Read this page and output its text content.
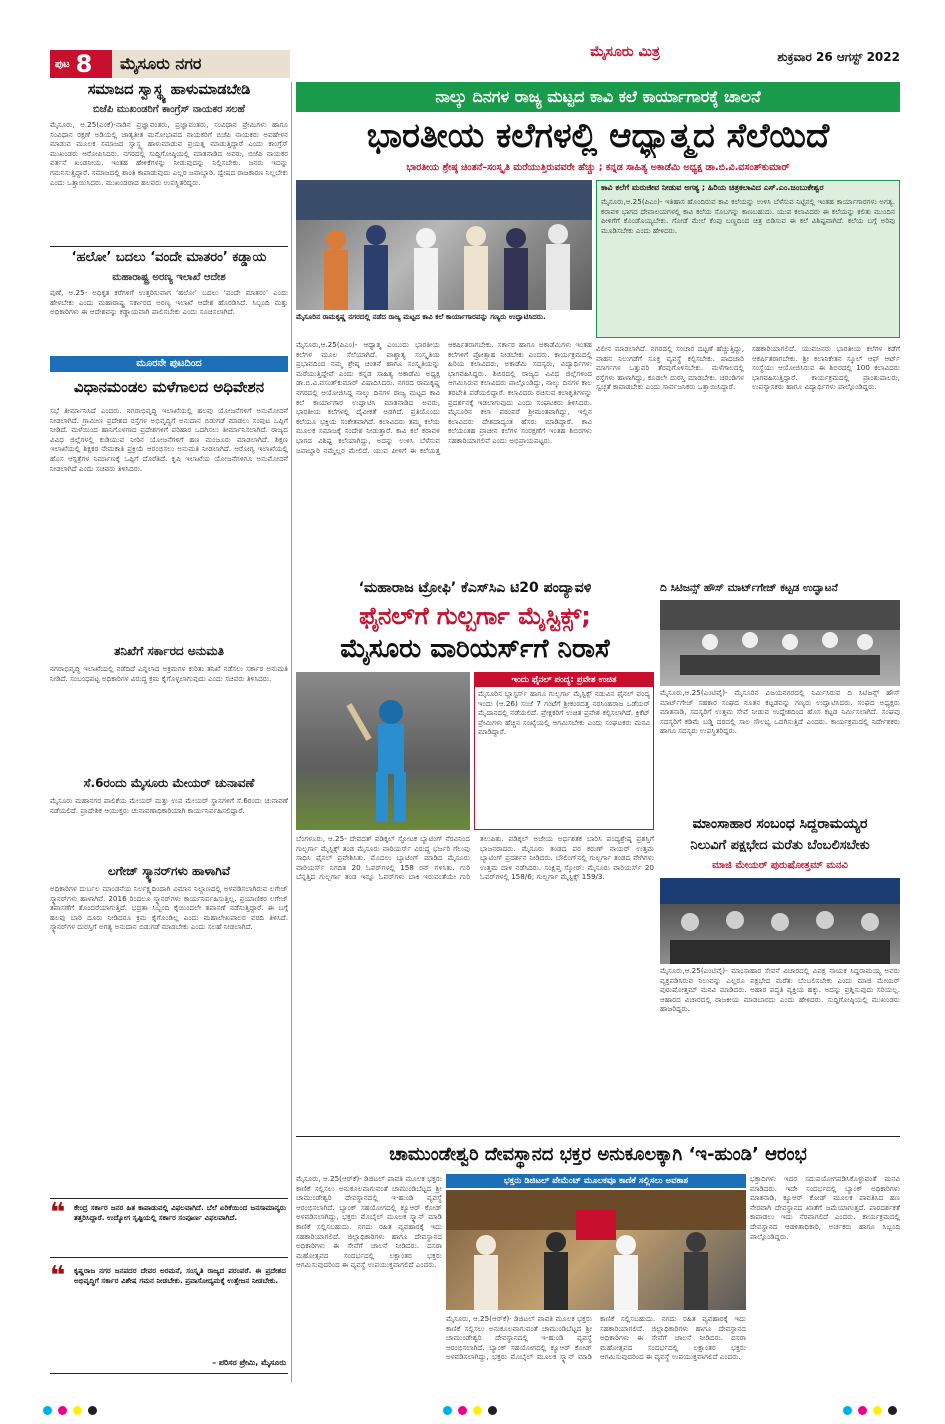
ಪುಟ 8 ಮೈಸೂರು ನಗರ
ಮೈಸೂರು ಮಿತ್ರ	ಶುಕ್ರವಾರ 26 ಆಗಸ್ಟ್ 2022
ಸಮಾಜದ ಸ್ವಾಸ್ಥ್ಯ ಹಾಳುಮಾಡಬೇಡಿ
ಬಿಜೆಪಿ ಮುಖಂಡರಿಗೆ ಕಾಂಗ್ರೆಸ್ ನಾಯಕರ ಸಲಹೆ
ಮೈಸೂರು, ಆ.25(ಎಂಕೆ)-ನಾಡಿನ ಪ್ರಜ್ಞಾವಂತರು, ಪ್ರಜ್ಞಾವಂತರು, ಸಂವಿಧಾನ ಪ್ರೇಮಿಗಳು ಹಾಗೂ ಸಂವಿಧಾನ ರಕ್ಷಣೆ ಅಡಿಯಲ್ಲಿ ಜಾತ್ಯತೀತ ಮನೋಭಾವದ ನಾಯಕರಿಗೆ ಬಿಜೆಪಿ ನಾಯಕರು ಅವಹೇಳನ ಮಾಡುವ ಮೂಲಕ ಸಮಾಜದ ಸ್ವಾಸ್ಥ್ಯ ಹಾಳುಮಾಡುವ ಪ್ರಯತ್ನ ಮಾಡುತ್ತಿದ್ದಾರೆ ಎಂದು ಕಾಂಗ್ರೆಸ್ ಮುಖಂಡರು ಆರೋಪಿಸಿದರು. ನಗರದಲ್ಲಿ ಸುದ್ದಿಗೋಷ್ಠಿಯಲ್ಲಿ ಮಾತನಾಡಿದ ಅವರು, ಬಿಜೆಪಿ ನಾಯಕರ ವರ್ತನೆ ಖಂಡನೀಯ. ಇಂತಹ ಹೇಳಿಕೆಗಳನ್ನು ನೀಡುವುದನ್ನು ನಿಲ್ಲಿಸಬೇಕು. ಜನರು ಇದನ್ನು ಗಮನಿಸುತ್ತಿದ್ದಾರೆ. ಸಮಾಜದಲ್ಲಿ ಶಾಂತಿ ಕಾಪಾಡುವುದು ಎಲ್ಲರ ಜವಾಬ್ದಾರಿ. ದ್ವೇಷದ ರಾಜಕಾರಣ ನಿಲ್ಲಬೇಕು ಎಂದು ಒತ್ತಾಯಿಸಿದರು. ಮುಖಂಡರಾದ ಹಲವರು ಉಪಸ್ಥಿತರಿದ್ದರು.
‘ಹಲೋ’ ಬದಲು ‘ವಂದೇ ಮಾತರಂ’ ಕಡ್ಡಾಯ
ಮಹಾರಾಷ್ಟ್ರ ಅರಣ್ಯ ಇಲಾಖೆ ಆದೇಶ
ಪುಣೆ, ಆ.25- ಅಧಿಕೃತ ಕರೆಗಳಿಗೆ ಉತ್ತರಿಸುವಾಗ ‘ಹಲೋ’ ಬದಲು ‘ವಂದೇ ಮಾತರಂ’ ಎಂದು ಹೇಳಬೇಕು ಎಂದು ಮಹಾರಾಷ್ಟ್ರ ಸರ್ಕಾರದ ಅರಣ್ಯ ಇಲಾಖೆ ಆದೇಶ ಹೊರಡಿಸಿದೆ. ಸಿಬ್ಬಂದಿ ಮತ್ತು ಅಧಿಕಾರಿಗಳು ಈ ಆದೇಶವನ್ನು ಕಡ್ಡಾಯವಾಗಿ ಪಾಲಿಸಬೇಕು ಎಂದು ಸೂಚಿಸಲಾಗಿದೆ.
ಮೂರನೇ ಪುಟದಿಂದ
ವಿಧಾನಮಂಡಲ ಮಳೆಗಾಲದ ಅಧಿವೇಶನ
ಸಭೆ ತೀರ್ಮಾನಿಸಿದೆ ಎಂದರು. ನಗರಾಭಿವೃದ್ಧಿ ಇಲಾಖೆಯಲ್ಲಿ ಹಲವು ಯೋಜನೆಗಳಿಗೆ ಅನುಮೋದನೆ ನೀಡಲಾಗಿದೆ. ಗ್ರಾಮೀಣ ಪ್ರದೇಶದ ರಸ್ತೆಗಳ ಅಭಿವೃದ್ಧಿಗೆ ಅನುದಾನ ಬಿಡುಗಡೆ ಮಾಡಲು ಸಂಪುಟ ಒಪ್ಪಿಗೆ ನೀಡಿದೆ. ಮಳೆಯಿಂದ ಹಾನಿಗೊಳಗಾದ ಪ್ರದೇಶಗಳಿಗೆ ಪರಿಹಾರ ಒದಗಿಸಲು ತೀರ್ಮಾನಿಸಲಾಗಿದೆ. ರಾಜ್ಯದ ವಿವಿಧ ಜಿಲ್ಲೆಗಳಲ್ಲಿ ಕುಡಿಯುವ ನೀರಿನ ಯೋಜನೆಗಳಿಗೆ ಹಣ ಮಂಜೂರು ಮಾಡಲಾಗಿದೆ. ಶಿಕ್ಷಣ ಇಲಾಖೆಯಲ್ಲಿ ಶಿಕ್ಷಕರ ನೇಮಕಾತಿ ಪ್ರಕ್ರಿಯೆ ಆರಂಭಿಸಲು ಅನುಮತಿ ನೀಡಲಾಗಿದೆ. ಆರೋಗ್ಯ ಇಲಾಖೆಯಲ್ಲಿ ಹೊಸ ಆಸ್ಪತ್ರೆಗಳ ನಿರ್ಮಾಣಕ್ಕೆ ಒಪ್ಪಿಗೆ ದೊರೆತಿದೆ. ಕೃಷಿ ಇಲಾಖೆಯ ಯೋಜನೆಗಳಿಗೂ ಅನುಮೋದನೆ ನೀಡಲಾಗಿದೆ ಎಂದು ಸಚಿವರು ತಿಳಿಸಿದರು.
ತನಿಖೆಗೆ ಸರ್ಕಾರದ ಅನುಮತಿ
ನಗರಾಭಿವೃದ್ಧಿ ಇಲಾಖೆಯಲ್ಲಿ ನಡೆದಿದೆ ಎನ್ನಲಾದ ಅಕ್ರಮಗಳ ಕುರಿತು ತನಿಖೆ ನಡೆಸಲು ಸರ್ಕಾರ ಅನುಮತಿ ನೀಡಿದೆ. ಸಂಬಂಧಪಟ್ಟ ಅಧಿಕಾರಿಗಳ ವಿರುದ್ಧ ಕ್ರಮ ಕೈಗೊಳ್ಳಲಾಗುವುದು ಎಂದು ಸಚಿವರು ತಿಳಿಸಿದರು.
ಸೆ.6ರಂದು ಮೈಸೂರು ಮೇಯರ್ ಚುನಾವಣೆ
ಮೈಸೂರು ಮಹಾನಗರ ಪಾಲಿಕೆಯ ಮೇಯರ್ ಮತ್ತು ಉಪ ಮೇಯರ್ ಸ್ಥಾನಗಳಿಗೆ ಸೆ.6ರಂದು ಚುನಾವಣೆ ನಡೆಯಲಿದೆ. ಪ್ರಾದೇಶಿಕ ಆಯುಕ್ತರು ಚುನಾವಣಾಧಿಕಾರಿಯಾಗಿ ಕಾರ್ಯನಿರ್ವಹಿಸಲಿದ್ದಾರೆ.
ಲಗೇಜ್ ಸ್ಕ್ಯಾನರ್‌ಗಳು ಹಾಳಾಗಿವೆ
ಅಧಿಕಾರಿಗಳ ದುರ್ಬಲ ಮಾಂಡನೆಯ ನಿರ್ಲಕ್ಷ್ಯದಿಂದಾಗಿ ವಿಮಾನ ನಿಲ್ದಾಣದಲ್ಲಿ ಅಳವಡಿಸಲಾಗಿರುವ ಲಗೇಜ್ ಸ್ಕ್ಯಾನರ್‌ಗಳು ಹಾಳಾಗಿವೆ. 2016 ರಿಂದಲೂ ಸ್ಕ್ಯಾನರ್‌ಗಳು ಕಾರ್ಯನಿರ್ವಹಿಸುತ್ತಿಲ್ಲ. ಪ್ರಯಾಣಿಕರ ಲಗೇಜ್ ತಪಾಸಣೆಗೆ ತೊಂದರೆಯಾಗುತ್ತಿದೆ. ಭದ್ರತಾ ಸಿಬ್ಬಂದಿ ಕೈಯಿಂದಲೇ ತಪಾಸಣೆ ನಡೆಸುತ್ತಿದ್ದಾರೆ. ಈ ಬಗ್ಗೆ ಹಲವು ಬಾರಿ ದೂರು ನೀಡಿದರೂ ಕ್ರಮ ಕೈಗೊಂಡಿಲ್ಲ ಎಂದು ಮಹಾಲೇಖಪಾಲರ ವರದಿ ತಿಳಿಸಿದೆ. ಸ್ಕ್ಯಾನರ್‌ಗಳ ದುರಸ್ತಿಗೆ ಅಗತ್ಯ ಅನುದಾನ ಬಿಡುಗಡೆ ಮಾಡಬೇಕು ಎಂದು ಸಲಹೆ ನೀಡಲಾಗಿದೆ.
❝ ಕೇಂದ್ರ ಸರ್ಕಾರ ಜನರ ಹಿತ ಕಾಪಾಡುವಲ್ಲಿ ವಿಫಲವಾಗಿದೆ. ಬೆಲೆ ಏರಿಕೆಯಿಂದ ಜನಸಾಮಾನ್ಯರು ತತ್ತರಿಸಿದ್ದಾರೆ. ಉದ್ಯೋಗ ಸೃಷ್ಟಿಯಲ್ಲಿ ಸರ್ಕಾರ ಸಂಪೂರ್ಣ ವಿಫಲವಾಗಿದೆ.
❝ ಕೃಷ್ಣರಾಜ ನಗರ ಜನಪದರ ದೇವರ ಅರಮನೆ, ಸಂಸ್ಕೃತಿ ರಾಜ್ಯದ ಪರಂಪರೆ. ಈ ಪ್ರದೇಶದ ಅಭಿವೃದ್ಧಿಗೆ ಸರ್ಕಾರ ವಿಶೇಷ ಗಮನ ನೀಡಬೇಕು. ಪ್ರವಾಸೋದ್ಯಮಕ್ಕೆ ಉತ್ತೇಜನ ನೀಡಬೇಕು.
– ಪರಿಸರ ಪ್ರೇಮಿ, ಮೈಸೂರು
ನಾಲ್ಕು ದಿನಗಳ ರಾಜ್ಯ ಮಟ್ಟದ ಕಾವಿ ಕಲೆ ಕಾರ್ಯಾಗಾರಕ್ಕೆ ಚಾಲನೆ
ಭಾರತೀಯ ಕಲೆಗಳಲ್ಲಿ ಆಧ್ಯಾತ್ಮದ ಸೆಲೆಯಿದೆ
ಭಾರತೀಯ ಶ್ರೇಷ್ಠ ಚಿಂತನೆ–ಸಂಸ್ಕೃತಿ ಮರೆಯುತ್ತಿರುವವರೇ ಹೆಚ್ಚು ; ಕನ್ನಡ ಸಾಹಿತ್ಯ ಅಕಾಡೆಮಿ ಅಧ್ಯಕ್ಷ ಡಾ.ಬಿ.ವಿ.ವಸಂತ್‌ಕುಮಾರ್
ಮೈಸೂರಿನ ರಾಮಕೃಷ್ಣ ನಗರದಲ್ಲಿ ನಡೆದ ರಾಜ್ಯ ಮಟ್ಟದ ಕಾವಿ ಕಲೆ ಕಾರ್ಯಾಗಾರವನ್ನು ಗಣ್ಯರು ಉದ್ಘಾಟಿಸಿದರು.
ಕಾವಿ ಕಲೆಗೆ ಮರುಜೀವ ನೀಡುವ ಅಗತ್ಯ ; ಹಿರಿಯ ಚಿತ್ರಕಲಾವಿದ ಎಸ್.ಎಂ.ಜಂಬುಕೇಶ್ವರ
ಮೈಸೂರು,ಆ.25(ಪಿಎಂ)- ಇತಿಹಾಸ ಹೊಂದಿರುವ ಕಾವಿ ಕಲೆಯನ್ನು ಉಳಿಸಿ ಬೆಳೆಸುವ ನಿಟ್ಟಿನಲ್ಲಿ ಇಂತಹ ಕಾರ್ಯಾಗಾರಗಳು ಅಗತ್ಯ. ಕರಾವಳಿ ಭಾಗದ ದೇವಾಲಯಗಳಲ್ಲಿ ಕಾವಿ ಕಲೆಯ ಸೊಬಗನ್ನು ಕಾಣಬಹುದು. ಯುವ ಕಲಾವಿದರು ಈ ಕಲೆಯನ್ನು ಕಲಿತು ಮುಂದಿನ ಪೀಳಿಗೆಗೆ ಕೊಂಡೊಯ್ಯಬೇಕು. ಗೋಡೆ ಮೇಲೆ ಕೆಂಪು ಬಣ್ಣದಿಂದ ಚಿತ್ರ ಬಿಡಿಸುವ ಈ ಕಲೆ ವಿಶಿಷ್ಟವಾಗಿದೆ. ಕಲೆಯ ಬಗ್ಗೆ ಅರಿವು ಮೂಡಿಸಬೇಕು ಎಂದು ಹೇಳಿದರು.
ಮೈಸೂರು,ಆ.25(ಪಿಎಂ)- ಆಧ್ಯಾತ್ಮ ಎಂಬುದು ಭಾರತೀಯ ಕಲೆಗಳ ಮೂಲ ಸೆಲೆಯಾಗಿದೆ. ಪಾಶ್ಚಾತ್ಯ ಸಂಸ್ಕೃತಿಯ ಪ್ರಭಾವದಿಂದ ನಮ್ಮ ಶ್ರೇಷ್ಠ ಚಿಂತನೆ ಹಾಗೂ ಸಂಸ್ಕೃತಿಯನ್ನು ಮರೆಯುತ್ತಿದ್ದೇವೆ ಎಂದು ಕನ್ನಡ ಸಾಹಿತ್ಯ ಅಕಾಡೆಮಿ ಅಧ್ಯಕ್ಷ ಡಾ.ಬಿ.ವಿ.ವಸಂತ್‌ಕುಮಾರ್ ವಿಷಾದಿಸಿದರು. ನಗರದ ರಾಮಕೃಷ್ಣ ನಗರದಲ್ಲಿ ಆಯೋಜಿಸಿದ್ದ ನಾಲ್ಕು ದಿನಗಳ ರಾಜ್ಯ ಮಟ್ಟದ ಕಾವಿ ಕಲೆ ಕಾರ್ಯಾಗಾರ ಉದ್ಘಾಟಿಸಿ ಮಾತನಾಡಿದ ಅವರು, ಭಾರತೀಯ ಕಲೆಗಳಲ್ಲಿ ದೈವೀಕತೆ ಅಡಗಿದೆ. ಪ್ರತಿಯೊಂದು ಕಲೆಯೂ ಭಕ್ತಿಯ ಸಂಕೇತವಾಗಿದೆ. ಕಲಾವಿದರು ತಮ್ಮ ಕಲೆಯ ಮೂಲಕ ಸಮಾಜಕ್ಕೆ ಸಂದೇಶ ನೀಡುತ್ತಾರೆ. ಕಾವಿ ಕಲೆ ಕರಾವಳಿ ಭಾಗದ ವಿಶಿಷ್ಟ ಕಲೆಯಾಗಿದ್ದು, ಅದನ್ನು ಉಳಿಸಿ ಬೆಳೆಸುವ ಜವಾಬ್ದಾರಿ ನಮ್ಮೆಲ್ಲರ ಮೇಲಿದೆ. ಯುವ ಪೀಳಿಗೆ ಈ ಕಲೆಯತ್ತ ಆಕರ್ಷಿತರಾಗಬೇಕು. ಸರ್ಕಾರ ಹಾಗೂ ಅಕಾಡೆಮಿಗಳು ಇಂತಹ ಕಲೆಗಳಿಗೆ ಪ್ರೋತ್ಸಾಹ ನೀಡಬೇಕು ಎಂದರು. ಕಾರ್ಯಕ್ರಮದಲ್ಲಿ ಹಿರಿಯ ಕಲಾವಿದರು, ಅಕಾಡೆಮಿ ಸದಸ್ಯರು, ವಿದ್ಯಾರ್ಥಿಗಳು ಭಾಗವಹಿಸಿದ್ದರು. ಶಿಬಿರದಲ್ಲಿ ರಾಜ್ಯದ ವಿವಿಧ ಜಿಲ್ಲೆಗಳಿಂದ ಆಗಮಿಸಿರುವ ಕಲಾವಿದರು ಪಾಲ್ಗೊಂಡಿದ್ದು, ನಾಲ್ಕು ದಿನಗಳ ಕಾಲ ತರಬೇತಿ ಪಡೆಯಲಿದ್ದಾರೆ. ಕಲಾವಿದರು ರಚಿಸುವ ಕಲಾಕೃತಿಗಳನ್ನು ಪ್ರದರ್ಶನಕ್ಕೆ ಇಡಲಾಗುವುದು ಎಂದು ಸಂಘಟಕರು ತಿಳಿಸಿದರು. ಮೈಸೂರಿನ ಕಲಾ ಪರಂಪರೆ ಶ್ರೀಮಂತವಾಗಿದ್ದು, ಇಲ್ಲಿನ ಕಲಾವಿದರು ದೇಶದಾದ್ಯಂತ ಹೆಸರು ಮಾಡಿದ್ದಾರೆ. ಕಾವಿ ಕಲೆಯಂತಹ ಪ್ರಾಚೀನ ಕಲೆಗಳ ಸಂರಕ್ಷಣೆಗೆ ಇಂತಹ ಶಿಬಿರಗಳು ಸಹಕಾರಿಯಾಗಲಿವೆ ಎಂದು ಅಭಿಪ್ರಾಯಪಟ್ಟರು.
ವಿಲೀನ ಮಾಡಲಾಗಿದೆ. ನಗರದಲ್ಲಿ ಸಂಚಾರ ದಟ್ಟಣೆ ಹೆಚ್ಚುತ್ತಿದ್ದು, ವಾಹನ ನಿಲುಗಡೆಗೆ ಸೂಕ್ತ ವ್ಯವಸ್ಥೆ ಕಲ್ಪಿಸಬೇಕು. ಪಾದಚಾರಿ ಮಾರ್ಗಗಳ ಒತ್ತುವರಿ ತೆರವುಗೊಳಿಸಬೇಕು. ಮಳೆಗಾಲದಲ್ಲಿ ರಸ್ತೆಗಳು ಹಾಳಾಗಿದ್ದು, ಕೂಡಲೇ ದುರಸ್ತಿ ಮಾಡಬೇಕು. ಚರಂಡಿಗಳ ಸ್ವಚ್ಛತೆ ಕಾಪಾಡಬೇಕು ಎಂದು ಸಾರ್ವಜನಿಕರು ಒತ್ತಾಯಿಸಿದ್ದಾರೆ.
ಸಹಕಾರಿಯಾಗಲಿದೆ. ಯುವಜನರು ಭಾರತೀಯ ಕಲೆಗಳ ಕಡೆಗೆ ಆಕರ್ಷಿತರಾಗಬೇಕು. ಶ್ರೀ ಕಲಾನಿಕೇತನ ಸ್ಕೂಲ್ ಆಫ್ ಆರ್ಟ್ ಸಂಸ್ಥೆಯು ಆಯೋಜಿಸಿರುವ ಈ ಶಿಬಿರದಲ್ಲಿ 100 ಕಲಾವಿದರು ಭಾಗವಹಿಸುತ್ತಿದ್ದಾರೆ. ಕಾರ್ಯಕ್ರಮದಲ್ಲಿ ಪ್ರಾಂಶುಪಾಲರು, ಉಪನ್ಯಾಸಕರು ಹಾಗೂ ವಿದ್ಯಾರ್ಥಿಗಳು ಪಾಲ್ಗೊಂಡಿದ್ದರು.
‘ಮಹಾರಾಜ ಟ್ರೋಫಿ’ ಕೆಎಸ್‌ಸಿಎ ಟಿ20 ಪಂದ್ಯಾವಳಿ
ಫೈನಲ್‌ಗೆ ಗುಲ್ಬರ್ಗಾ ಮೈಸ್ಟಿಕ್ಸ್;
ಮೈಸೂರು ವಾರಿಯರ್ಸ್‌ಗೆ ನಿರಾಸೆ
ಇಂದು ಫೈನಲ್ ಪಂದ್ಯ: ಪ್ರವೇಶ ಉಚಿತ
ಮೈಸೂರಿನ ಬ್ಲಾಸ್ಟರ್ಸ್ ಹಾಗೂ ಗುಲ್ಬರ್ಗಾ ಮೈಸ್ಟಿಕ್ಸ್ ನಡುವಿನ ಫೈನಲ್ ಪಂದ್ಯ ಇಂದು (ಆ.26) ಸಂಜೆ 7 ಗಂಟೆಗೆ ಶ್ರೀಕಂಠದತ್ತ ನರಸಿಂಹರಾಜ ಒಡೆಯರ್ ಮೈದಾನದಲ್ಲಿ ನಡೆಯಲಿದೆ. ಪ್ರೇಕ್ಷಕರಿಗೆ ಉಚಿತ ಪ್ರವೇಶ ಕಲ್ಪಿಸಲಾಗಿದೆ. ಕ್ರಿಕೆಟ್ ಪ್ರೇಮಿಗಳು ಹೆಚ್ಚಿನ ಸಂಖ್ಯೆಯಲ್ಲಿ ಆಗಮಿಸಬೇಕು ಎಂದು ಸಂಘಟಕರು ಮನವಿ ಮಾಡಿದ್ದಾರೆ.
ಬೆಂಗಳೂರು, ಆ.25- ದೇವದತ್ ಪಡಿಕ್ಕಲ್ ಸ್ಫೋಟಕ ಬ್ಯಾಟಿಂಗ್ ನೆರವಿನಿಂದ ಗುಲ್ಬರ್ಗಾ ಮೈಸ್ಟಿಕ್ಸ್ ತಂಡ ಮೈಸೂರು ವಾರಿಯರ್ಸ್ ವಿರುದ್ಧ ಭರ್ಜರಿ ಗೆಲುವು ಸಾಧಿಸಿ ಫೈನಲ್ ಪ್ರವೇಶಿಸಿತು. ಮೊದಲು ಬ್ಯಾಟಿಂಗ್ ಮಾಡಿದ ಮೈಸೂರು ವಾರಿಯರ್ಸ್ ನಿಗದಿತ 20 ಓವರ್‌ಗಳಲ್ಲಿ 158 ರನ್ ಗಳಿಸಿತು. ಗುರಿ ಬೆನ್ನತ್ತಿದ ಗುಲ್ಬರ್ಗಾ ತಂಡ ಇನ್ನೂ ಓವರ್‌ಗಳು ಬಾಕಿ ಇರುವಂತೆಯೇ ಗುರಿ ತಲುಪಿತು. ಪಡಿಕ್ಕಲ್ ಅಜೇಯ ಅರ್ಧಶತಕ ಬಾರಿಸಿ ಪಂದ್ಯಶ್ರೇಷ್ಠ ಪ್ರಶಸ್ತಿಗೆ ಭಾಜನರಾದರು. ಮೈಸೂರು ತಂಡದ ಪರ ಕರುಣ್ ನಾಯರ್ ಉತ್ತಮ ಬ್ಯಾಟಿಂಗ್ ಪ್ರದರ್ಶನ ನೀಡಿದರು. ಬೌಲಿಂಗ್‌ನಲ್ಲಿ ಗುಲ್ಬರ್ಗಾ ತಂಡದ ವೇಗಿಗಳು ಉತ್ತಮ ದಾಳಿ ನಡೆಸಿದರು. ಸಂಕ್ಷಿಪ್ತ ಸ್ಕೋರ್: ಮೈಸೂರು ವಾರಿಯರ್ಸ್ 20 ಓವರ್‌ಗಳಲ್ಲಿ 158/6; ಗುಲ್ಬರ್ಗಾ ಮೈಸ್ಟಿಕ್ಸ್ 159/3.
ದಿ ಸಿಟಿಜನ್ಸ್ ಹೌಸ್ ಮಾರ್ಟ್‌ಗೇಜ್ ಕಟ್ಟಡ ಉದ್ಘಾಟನೆ
ಮೈಸೂರು,ಆ.25(ಎಂಟಿವೈ)- ಮೈಸೂರಿನ ವಿಜಯನಗರದಲ್ಲಿ ನಿರ್ಮಿಸಿರುವ ದಿ ಸಿಟಿಜನ್ಸ್ ಹೌಸ್ ಮಾರ್ಟ್‌ಗೇಜ್ ಸಹಕಾರ ಸಂಘದ ನೂತನ ಕಟ್ಟಡವನ್ನು ಗಣ್ಯರು ಉದ್ಘಾಟಿಸಿದರು. ಸಂಘದ ಅಧ್ಯಕ್ಷರು ಮಾತನಾಡಿ, ಸದಸ್ಯರಿಗೆ ಉತ್ತಮ ಸೇವೆ ನೀಡುವ ಉದ್ದೇಶದಿಂದ ಹೊಸ ಕಟ್ಟಡ ನಿರ್ಮಿಸಲಾಗಿದೆ. ಸಂಘವು ಸದಸ್ಯರಿಗೆ ಕಡಿಮೆ ಬಡ್ಡಿ ದರದಲ್ಲಿ ಸಾಲ ಸೌಲಭ್ಯ ಒದಗಿಸುತ್ತಿದೆ ಎಂದರು. ಕಾರ್ಯಕ್ರಮದಲ್ಲಿ ನಿರ್ದೇಶಕರು ಹಾಗೂ ಸದಸ್ಯರು ಉಪಸ್ಥಿತರಿದ್ದರು.
ಮಾಂಸಾಹಾರ ಸಂಬಂಧ ಸಿದ್ದರಾಮಯ್ಯರ
ನಿಲುವಿಗೆ ಪಕ್ಷಭೇದ ಮರೆತು ಬೆಂಬಲಿಸಬೇಕು
ಮಾಜಿ ಮೇಯರ್ ಪುರುಷೋತ್ತಮ್ ಮನವಿ
ಮೈಸೂರು,ಆ.25(ಎಂಟಿವೈ)- ಮಾಂಸಾಹಾರ ಸೇವನೆ ವಿಚಾರದಲ್ಲಿ ವಿಪಕ್ಷ ನಾಯಕ ಸಿದ್ದರಾಮಯ್ಯ ಅವರು ವ್ಯಕ್ತಪಡಿಸಿರುವ ನಿಲುವನ್ನು ಎಲ್ಲರೂ ಪಕ್ಷಭೇದ ಮರೆತು ಬೆಂಬಲಿಸಬೇಕು ಎಂದು ಮಾಜಿ ಮೇಯರ್ ಪುರುಷೋತ್ತಮ್ ಮನವಿ ಮಾಡಿದರು. ಆಹಾರ ಪದ್ಧತಿ ವ್ಯಕ್ತಿಯ ಹಕ್ಕು. ಅದನ್ನು ಪ್ರಶ್ನಿಸುವುದು ಸರಿಯಲ್ಲ. ಆಹಾರದ ವಿಚಾರದಲ್ಲಿ ರಾಜಕೀಯ ಮಾಡಬಾರದು ಎಂದು ಹೇಳಿದರು. ಸುದ್ದಿಗೋಷ್ಠಿಯಲ್ಲಿ ಮುಖಂಡರು ಹಾಜರಿದ್ದರು.
ಚಾಮುಂಡೇಶ್ವರಿ ದೇವಸ್ಥಾನದ ಭಕ್ತರ ಅನುಕೂಲಕ್ಕಾಗಿ ‘ಇ-ಹುಂಡಿ’ ಆರಂಭ
ಮೈಸೂರು, ಆ.25(ಆರ್‌ಕೆ)- ಡಿಜಿಟಲ್ ಪಾವತಿ ಮೂಲಕ ಭಕ್ತರು ಕಾಣಿಕೆ ಸಲ್ಲಿಸಲು ಅನುಕೂಲವಾಗುವಂತೆ ಚಾಮುಂಡಿಬೆಟ್ಟದ ಶ್ರೀ ಚಾಮುಂಡೇಶ್ವರಿ ದೇವಸ್ಥಾನದಲ್ಲಿ ಇ-ಹುಂಡಿ ವ್ಯವಸ್ಥೆ ಆರಂಭಿಸಲಾಗಿದೆ. ಬ್ಯಾಂಕ್ ಸಹಯೋಗದಲ್ಲಿ ಕ್ಯೂಆರ್ ಕೋಡ್ ಅಳವಡಿಸಲಾಗಿದ್ದು, ಭಕ್ತರು ಮೊಬೈಲ್ ಮೂಲಕ ಸ್ಕ್ಯಾನ್ ಮಾಡಿ ಕಾಣಿಕೆ ಸಲ್ಲಿಸಬಹುದು. ನಗದು ರಹಿತ ವ್ಯವಹಾರಕ್ಕೆ ಇದು ಸಹಕಾರಿಯಾಗಲಿದೆ. ಜಿಲ್ಲಾಧಿಕಾರಿಗಳು ಹಾಗೂ ದೇವಸ್ಥಾನದ ಅಧಿಕಾರಿಗಳು ಈ ಸೇವೆಗೆ ಚಾಲನೆ ನೀಡಿದರು. ದಸರಾ ಮಹೋತ್ಸವದ ಸಂದರ್ಭದಲ್ಲಿ ಲಕ್ಷಾಂತರ ಭಕ್ತರು ಆಗಮಿಸುವುದರಿಂದ ಈ ವ್ಯವಸ್ಥೆ ಉಪಯುಕ್ತವಾಗಲಿದೆ ಎಂದರು.
ಭಕ್ತರು ಡಿಜಿಟಲ್ ಪೇಮೆಂಟ್ ಮೂಲಕವೂ ಕಾಣಿಕೆ ಸಲ್ಲಿಸಲು ಅವಕಾಶ
ಮೈಸೂರು, ಆ.25(ಆರ್‌ಕೆ)- ಡಿಜಿಟಲ್ ಪಾವತಿ ಮೂಲಕ ಭಕ್ತರು ಕಾಣಿಕೆ ಸಲ್ಲಿಸಲು ಅನುಕೂಲವಾಗುವಂತೆ ಚಾಮುಂಡಿಬೆಟ್ಟದ ಶ್ರೀ ಚಾಮುಂಡೇಶ್ವರಿ ದೇವಸ್ಥಾನದಲ್ಲಿ ಇ-ಹುಂಡಿ ವ್ಯವಸ್ಥೆ ಆರಂಭಿಸಲಾಗಿದೆ. ಬ್ಯಾಂಕ್ ಸಹಯೋಗದಲ್ಲಿ ಕ್ಯೂಆರ್ ಕೋಡ್ ಅಳವಡಿಸಲಾಗಿದ್ದು, ಭಕ್ತರು ಮೊಬೈಲ್ ಮೂಲಕ ಸ್ಕ್ಯಾನ್ ಮಾಡಿ ಕಾಣಿಕೆ ಸಲ್ಲಿಸಬಹುದು. ನಗದು ರಹಿತ ವ್ಯವಹಾರಕ್ಕೆ ಇದು ಸಹಕಾರಿಯಾಗಲಿದೆ. ಜಿಲ್ಲಾಧಿಕಾರಿಗಳು ಹಾಗೂ ದೇವಸ್ಥಾನದ ಅಧಿಕಾರಿಗಳು ಈ ಸೇವೆಗೆ ಚಾಲನೆ ನೀಡಿದರು. ದಸರಾ ಮಹೋತ್ಸವದ ಸಂದರ್ಭದಲ್ಲಿ ಲಕ್ಷಾಂತರ ಭಕ್ತರು ಆಗಮಿಸುವುದರಿಂದ ಈ ವ್ಯವಸ್ಥೆ ಉಪಯುಕ್ತವಾಗಲಿದೆ ಎಂದರು.
ಭಕ್ತಾದಿಗಳು ಇದರ ಸದುಪಯೋಗಪಡಿಸಿಕೊಳ್ಳುವಂತೆ ಮನವಿ ಮಾಡಿದರು. ಇದೇ ಸಂದರ್ಭದಲ್ಲಿ ಬ್ಯಾಂಕ್ ಅಧಿಕಾರಿಗಳು ಮಾತನಾಡಿ, ಕ್ಯೂಆರ್ ಕೋಡ್ ಮೂಲಕ ಪಾವತಿಸಿದ ಹಣ ನೇರವಾಗಿ ದೇವಸ್ಥಾನದ ಖಾತೆಗೆ ಜಮೆಯಾಗುತ್ತದೆ. ಪಾರದರ್ಶಕತೆ ಕಾಪಾಡಲು ಇದು ನೆರವಾಗಲಿದೆ ಎಂದರು. ಕಾರ್ಯಕ್ರಮದಲ್ಲಿ ದೇವಸ್ಥಾನದ ಆಡಳಿತಾಧಿಕಾರಿ, ಅರ್ಚಕರು ಹಾಗೂ ಸಿಬ್ಬಂದಿ ಪಾಲ್ಗೊಂಡಿದ್ದರು.
